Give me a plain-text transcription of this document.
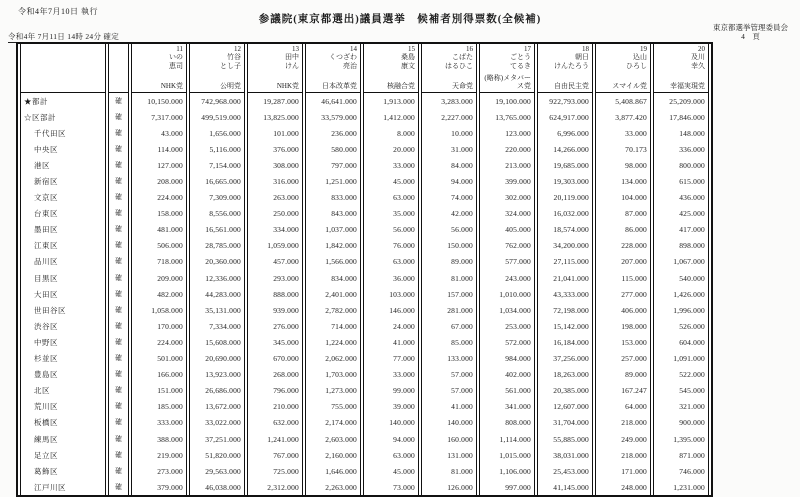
令和4年7月10日 執行
参議院(東京都選出)議員選挙　候補者別得票数(全候補)
東京都選挙管理委員会
4　頁
令和4年 7月11日 14時 24分 確定

		11
いの
恵司
NHK党	12
竹谷
とし子
公明党	13
田中
けん
NHK党	14
くつざわ
亮治
日本改革党	15
桑島
康文
核融合党	16
こばた
はるひこ
天命党	17
ごとう
てるき
(略称)メタバース党	18
朝日
けんたろう
自由民主党	19
込山
ひろし
スマイル党	20
及川
幸久
幸福実現党

★都計	確	10,150.000	742,968.000	19,287.000	46,641.000	1,913.000	3,283.000	19,100.000	922,793.000	5,408.867	25,209.000
☆区部計	確	7,317.000	499,519.000	13,825.000	33,579.000	1,412.000	2,227.000	13,765.000	624,917.000	3,877.420	17,846.000
千代田区	確	43.000	1,656.000	101.000	236.000	8.000	10.000	123.000	6,996.000	33.000	148.000
中央区	確	114.000	5,116.000	376.000	580.000	20.000	31.000	220.000	14,266.000	70.173	336.000
港区	確	127.000	7,154.000	308.000	797.000	33.000	84.000	213.000	19,685.000	98.000	800.000
新宿区	確	208.000	16,665.000	316.000	1,251.000	45.000	94.000	399.000	19,303.000	134.000	615.000
文京区	確	224.000	7,309.000	263.000	833.000	63.000	74.000	302.000	20,119.000	104.000	436.000
台東区	確	158.000	8,556.000	250.000	843.000	35.000	42.000	324.000	16,032.000	87.000	425.000
墨田区	確	481.000	16,561.000	334.000	1,037.000	56.000	56.000	405.000	18,574.000	86.000	417.000
江東区	確	506.000	28,785.000	1,059.000	1,842.000	76.000	150.000	762.000	34,200.000	228.000	898.000
品川区	確	718.000	20,360.000	457.000	1,566.000	63.000	89.000	577.000	27,115.000	207.000	1,067.000
目黒区	確	209.000	12,336.000	293.000	834.000	36.000	81.000	243.000	21,041.000	115.000	540.000
大田区	確	482.000	44,283.000	888.000	2,401.000	103.000	157.000	1,010.000	43,333.000	277.000	1,426.000
世田谷区	確	1,058.000	35,131.000	939.000	2,782.000	146.000	281.000	1,034.000	72,198.000	406.000	1,996.000
渋谷区	確	170.000	7,334.000	276.000	714.000	24.000	67.000	253.000	15,142.000	198.000	526.000
中野区	確	224.000	15,608.000	345.000	1,224.000	41.000	85.000	572.000	16,184.000	153.000	604.000
杉並区	確	501.000	20,690.000	670.000	2,062.000	77.000	133.000	984.000	37,256.000	257.000	1,091.000
豊島区	確	166.000	13,923.000	268.000	1,703.000	33.000	57.000	402.000	18,263.000	89.000	522.000
北区	確	151.000	26,686.000	796.000	1,273.000	99.000	57.000	561.000	20,385.000	167.247	545.000
荒川区	確	185.000	13,672.000	210.000	755.000	39.000	41.000	341.000	12,607.000	64.000	321.000
板橋区	確	333.000	33,022.000	632.000	2,174.000	140.000	140.000	808.000	31,704.000	218.000	900.000
練馬区	確	388.000	37,251.000	1,241.000	2,603.000	94.000	160.000	1,114.000	55,885.000	249.000	1,395.000
足立区	確	219.000	51,820.000	767.000	2,160.000	63.000	131.000	1,015.000	38,031.000	218.000	871.000
葛飾区	確	273.000	29,563.000	725.000	1,646.000	45.000	81.000	1,106.000	25,453.000	171.000	746.000
江戸川区	確	379.000	46,038.000	2,312.000	2,263.000	73.000	126.000	997.000	41,145.000	248.000	1,231.000
